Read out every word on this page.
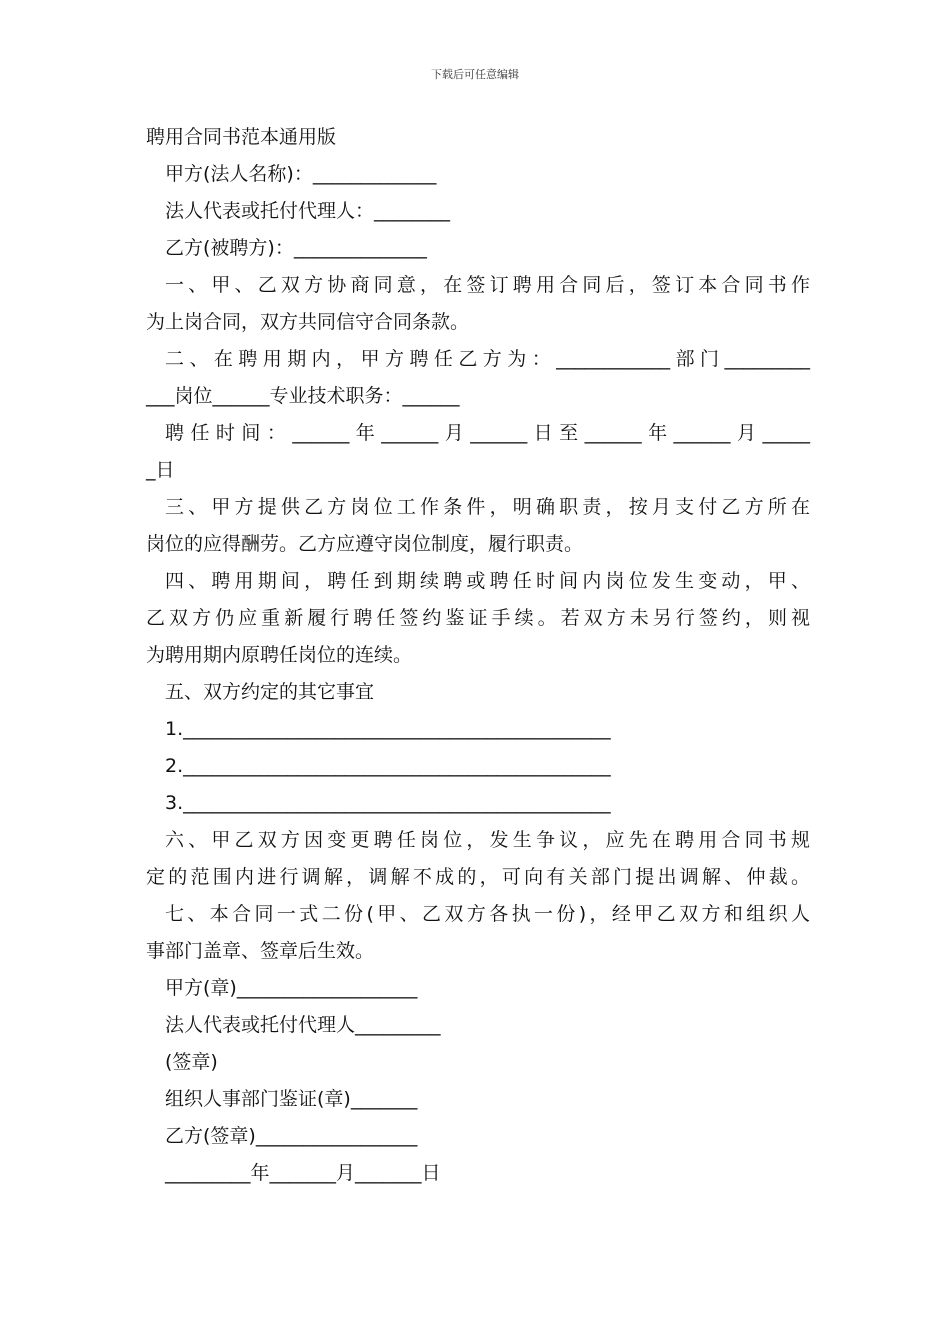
下载后可任意编辑
聘用合同书范本通用版
甲方(法人名称)：_____________
法人代表或托付代理人：________
乙方(被聘方)：______________
一、甲、乙双方协商同意，在签订聘用合同后，签订本合同书作
为上岗合同，双方共同信守合同条款。
二、在聘用期内，甲方聘任乙方为：____________部门_________
___岗位______专业技术职务：______
聘任时间：______年______月______日至______年______月_____
_日
三、甲方提供乙方岗位工作条件，明确职责，按月支付乙方所在
岗位的应得酬劳。乙方应遵守岗位制度，履行职责。
四、聘用期间，聘任到期续聘或聘任时间内岗位发生变动，甲、
乙双方仍应重新履行聘任签约鉴证手续。若双方未另行签约，则视
为聘用期内原聘任岗位的连续。
五、双方约定的其它事宜
1._____________________________________________
2._____________________________________________
3._____________________________________________
六、甲乙双方因变更聘任岗位，发生争议，应先在聘用合同书规
定的范围内进行调解，调解不成的，可向有关部门提出调解、仲裁。
七、本合同一式二份(甲、乙双方各执一份)，经甲乙双方和组织人
事部门盖章、签章后生效。
甲方(章)___________________
法人代表或托付代理人_________
(签章)
组织人事部门鉴证(章)_______
乙方(签章)_________________
_________年_______月_______日
